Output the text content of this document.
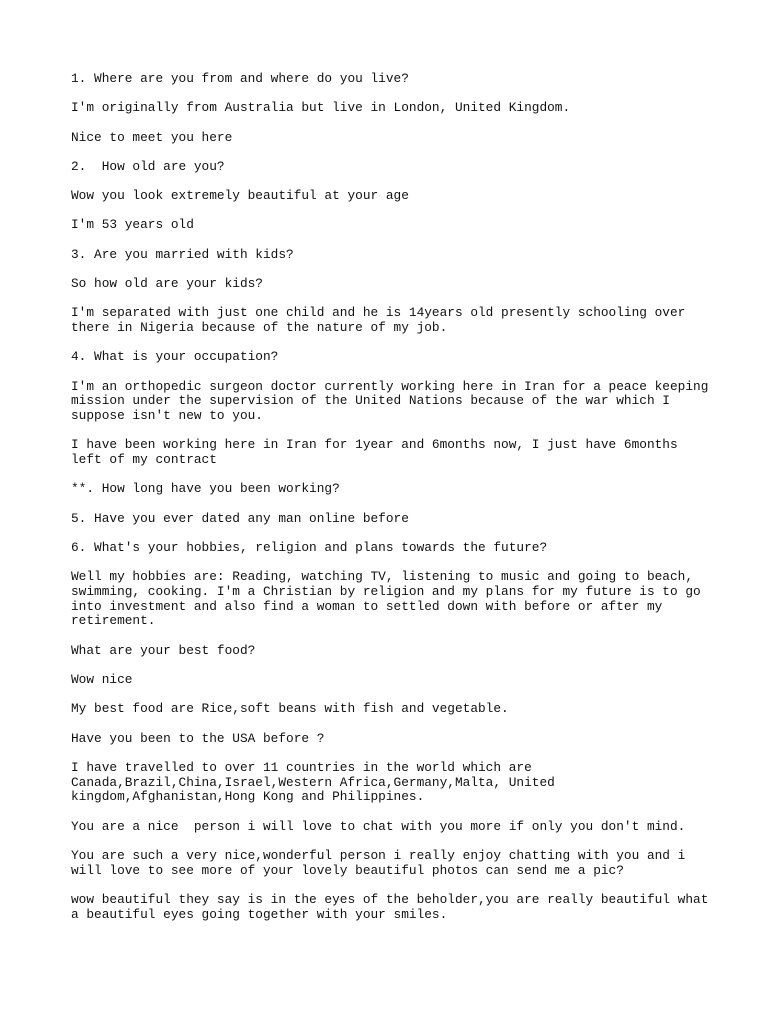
1. Where are you from and where do you live?

I'm originally from Australia but live in London, United Kingdom.

Nice to meet you here

2.  How old are you?

Wow you look extremely beautiful at your age

I'm 53 years old

3. Are you married with kids?

So how old are your kids?

I'm separated with just one child and he is 14years old presently schooling over
there in Nigeria because of the nature of my job.

4. What is your occupation?

I'm an orthopedic surgeon doctor currently working here in Iran for a peace keeping
mission under the supervision of the United Nations because of the war which I
suppose isn't new to you.

I have been working here in Iran for 1year and 6months now, I just have 6months
left of my contract

**. How long have you been working?

5. Have you ever dated any man online before

6. What's your hobbies, religion and plans towards the future?

Well my hobbies are: Reading, watching TV, listening to music and going to beach,
swimming, cooking. I'm a Christian by religion and my plans for my future is to go
into investment and also find a woman to settled down with before or after my
retirement.

What are your best food?

Wow nice

My best food are Rice,soft beans with fish and vegetable.

Have you been to the USA before ?

I have travelled to over 11 countries in the world which are
Canada,Brazil,China,Israel,Western Africa,Germany,Malta, United
kingdom,Afghanistan,Hong Kong and Philippines.

You are a nice  person i will love to chat with you more if only you don't mind.

You are such a very nice,wonderful person i really enjoy chatting with you and i
will love to see more of your lovely beautiful photos can send me a pic?

wow beautiful they say is in the eyes of the beholder,you are really beautiful what
a beautiful eyes going together with your smiles.
